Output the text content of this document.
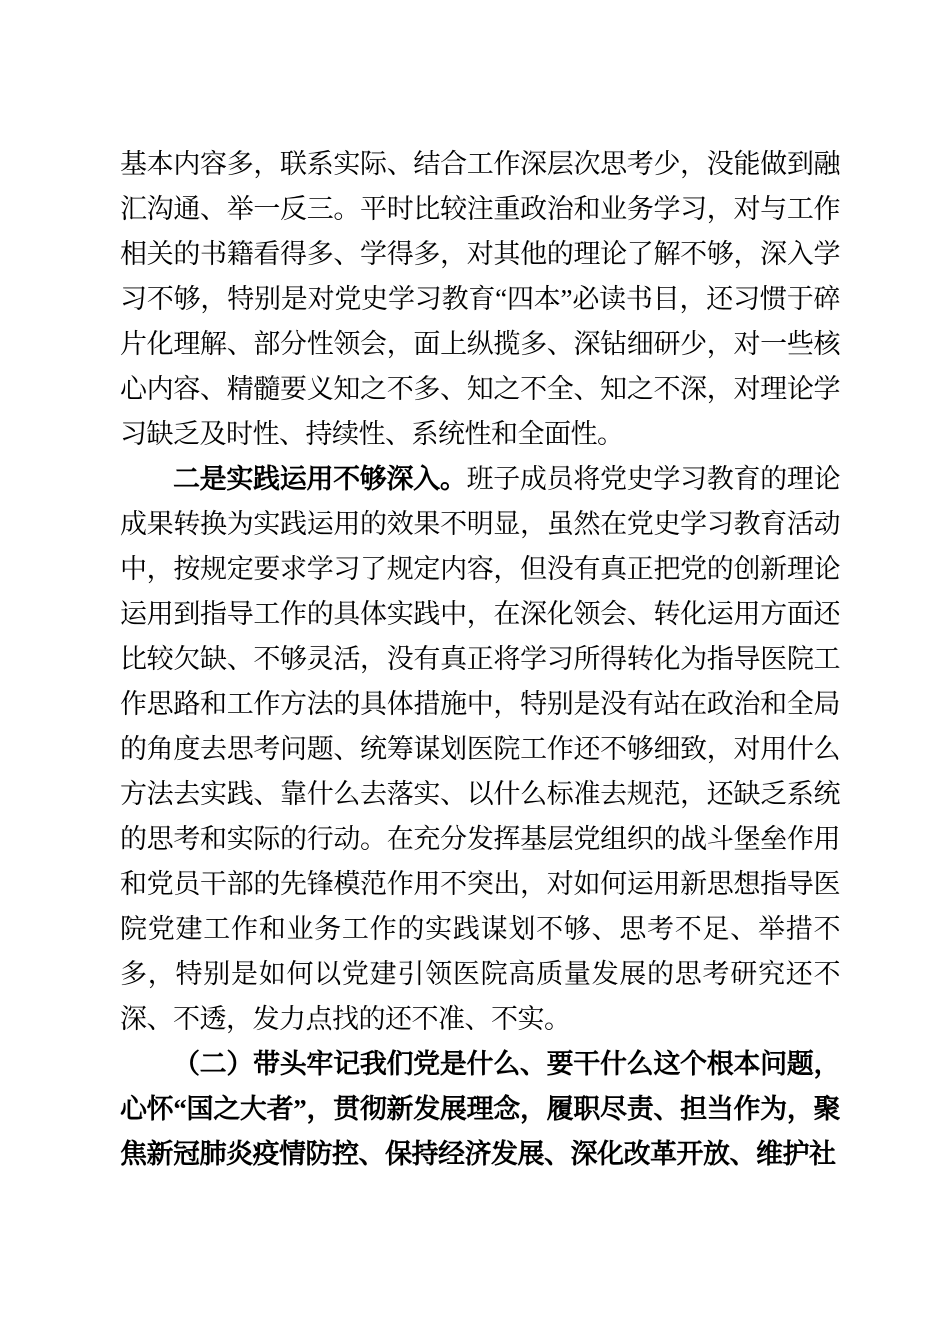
基本内容多，联系实际、结合工作深层次思考少，没能做到融汇沟通、举一反三。平时比较注重政治和业务学习，对与工作相关的书籍看得多、学得多，对其他的理论了解不够，深入学习不够，特别是对党史学习教育“四本”必读书目，还习惯于碎片化理解、部分性领会，面上纵揽多、深钻细研少，对一些核心内容、精髓要义知之不多、知之不全、知之不深，对理论学习缺乏及时性、持续性、系统性和全面性。

二是实践运用不够深入。班子成员将党史学习教育的理论成果转换为实践运用的效果不明显，虽然在党史学习教育活动中，按规定要求学习了规定内容，但没有真正把党的创新理论运用到指导工作的具体实践中，在深化领会、转化运用方面还比较欠缺、不够灵活，没有真正将学习所得转化为指导医院工作思路和工作方法的具体措施中，特别是没有站在政治和全局的角度去思考问题、统筹谋划医院工作还不够细致，对用什么方法去实践、靠什么去落实、以什么标准去规范，还缺乏系统的思考和实际的行动。在充分发挥基层党组织的战斗堡垒作用和党员干部的先锋模范作用不突出，对如何运用新思想指导医院党建工作和业务工作的实践谋划不够、思考不足、举措不多，特别是如何以党建引领医院高质量发展的思考研究还不深、不透，发力点找的还不准、不实。

（二）带头牢记我们党是什么、要干什么这个根本问题，心怀“国之大者”，贯彻新发展理念，履职尽责、担当作为，聚焦新冠肺炎疫情防控、保持经济发展、深化改革开放、维护社
